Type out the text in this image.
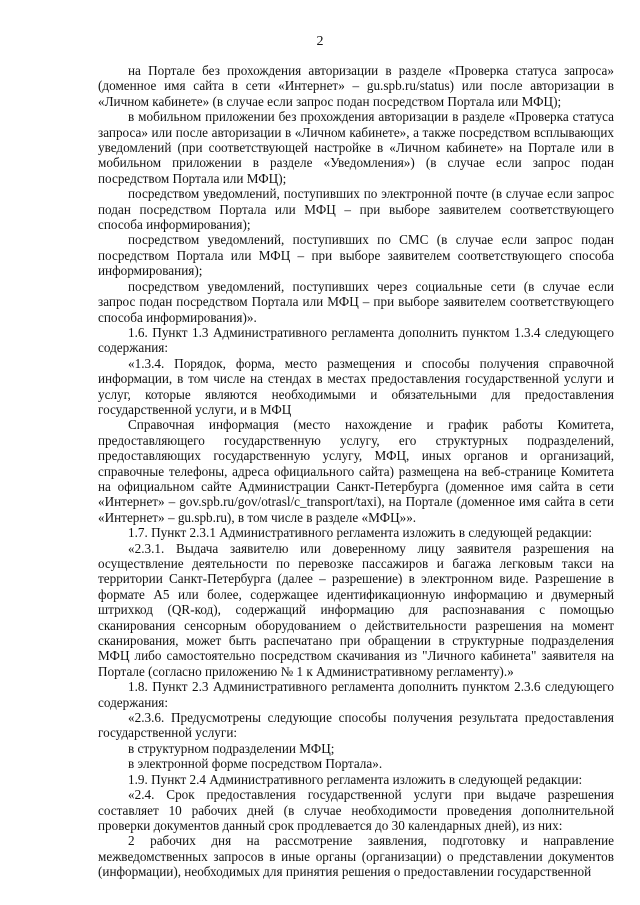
2

на Портале без прохождения авторизации в разделе «Проверка статуса запроса» (доменное имя сайта в сети «Интернет» – gu.spb.ru/status) или после авторизации в «Личном кабинете» (в случае если запрос подан посредством Портала или МФЦ);

в мобильном приложении без прохождения авторизации в разделе «Проверка статуса запроса» или после авторизации в «Личном кабинете», а также посредством всплывающих уведомлений (при соответствующей настройке в «Личном кабинете» на Портале или в мобильном приложении в разделе «Уведомления») (в случае если запрос подан посредством Портала или МФЦ);

посредством уведомлений, поступивших по электронной почте (в случае если запрос подан посредством Портала или МФЦ – при выборе заявителем соответствующего способа информирования);

посредством уведомлений, поступивших по СМС (в случае если запрос подан посредством Портала или МФЦ – при выборе заявителем соответствующего способа информирования);

посредством уведомлений, поступивших через социальные сети (в случае если запрос подан посредством Портала или МФЦ – при выборе заявителем соответствующего способа информирования)».

1.6. Пункт 1.3 Административного регламента дополнить пунктом 1.3.4 следующего содержания:

«1.3.4. Порядок, форма, место размещения и способы получения справочной информации, в том числе на стендах в местах предоставления государственной услуги и услуг, которые являются необходимыми и обязательными для предоставления государственной услуги, и в МФЦ

Справочная информация (место нахождение и график работы Комитета, предоставляющего государственную услугу, его структурных подразделений, предоставляющих государственную услугу, МФЦ, иных органов и организаций, справочные телефоны, адреса официального сайта) размещена на веб-странице Комитета на официальном сайте Администрации Санкт-Петербурга (доменное имя сайта в сети «Интернет» – gov.spb.ru/gov/otrasl/c_transport/taxi), на Портале (доменное имя сайта в сети «Интернет» – gu.spb.ru), в том числе в разделе «МФЦ»».

1.7. Пункт 2.3.1 Административного регламента изложить в следующей редакции:

«2.3.1. Выдача заявителю или доверенному лицу заявителя разрешения на осуществление деятельности по перевозке пассажиров и багажа легковым такси на территории Санкт-Петербурга (далее – разрешение) в электронном виде. Разрешение в формате А5 или более, содержащее идентификационную информацию и двумерный штрихкод (QR-код), содержащий информацию для распознавания с помощью сканирования сенсорным оборудованием о действительности разрешения на момент сканирования, может быть распечатано при обращении в структурные подразделения МФЦ либо самостоятельно посредством скачивания из "Личного кабинета" заявителя на Портале (согласно приложению № 1 к Административному регламенту).»

1.8. Пункт 2.3 Административного регламента дополнить пунктом 2.3.6 следующего содержания:

«2.3.6. Предусмотрены следующие способы получения результата предоставления государственной услуги:

в структурном подразделении МФЦ;

в электронной форме посредством Портала».

1.9. Пункт 2.4 Административного регламента изложить в следующей редакции:

«2.4. Срок предоставления государственной услуги при выдаче разрешения составляет 10 рабочих дней (в случае необходимости проведения дополнительной проверки документов данный срок продлевается до 30 календарных дней), из них:

2 рабочих дня на рассмотрение заявления, подготовку и направление межведомственных запросов в иные органы (организации) о представлении документов (информации), необходимых для принятия решения о предоставлении государственной
